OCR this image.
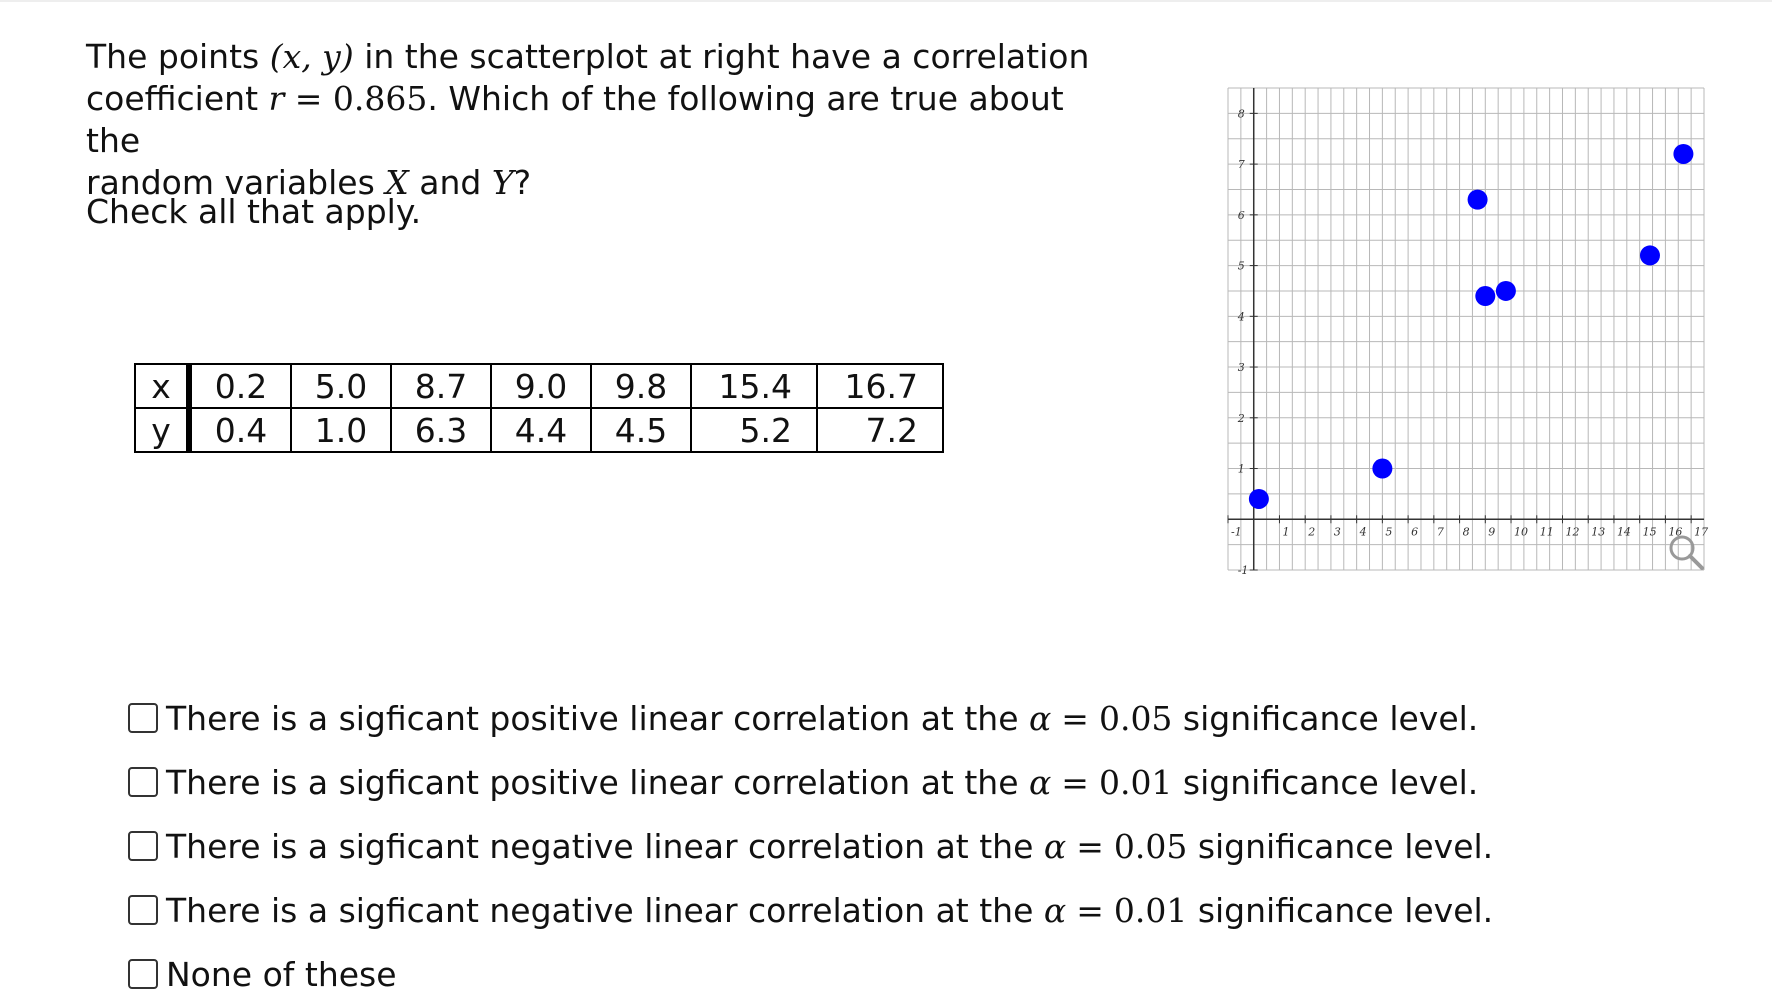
The points (x, y) in the scatterplot at right have a correlation

coefficient r = 0.865. Which of the following are true about the

random variables X and Y?

Check all that apply.
x	0.2	5.0	8.7	9.0	9.8	15.4	16.7
y	0.4	1.0	6.3	4.4	4.5	5.2	7.2
-1	1 2 3 4 5 6 7 8 9 10 11 12 13 14 15 16 17
-1
1
2
3
4
5
6
7
8
There is a sigficant positive linear correlation at the α = 0.05 significance level.
There is a sigficant positive linear correlation at the α = 0.01 significance level.
There is a sigficant negative linear correlation at the α = 0.05 significance level.
There is a sigficant negative linear correlation at the α = 0.01 significance level.
None of these
